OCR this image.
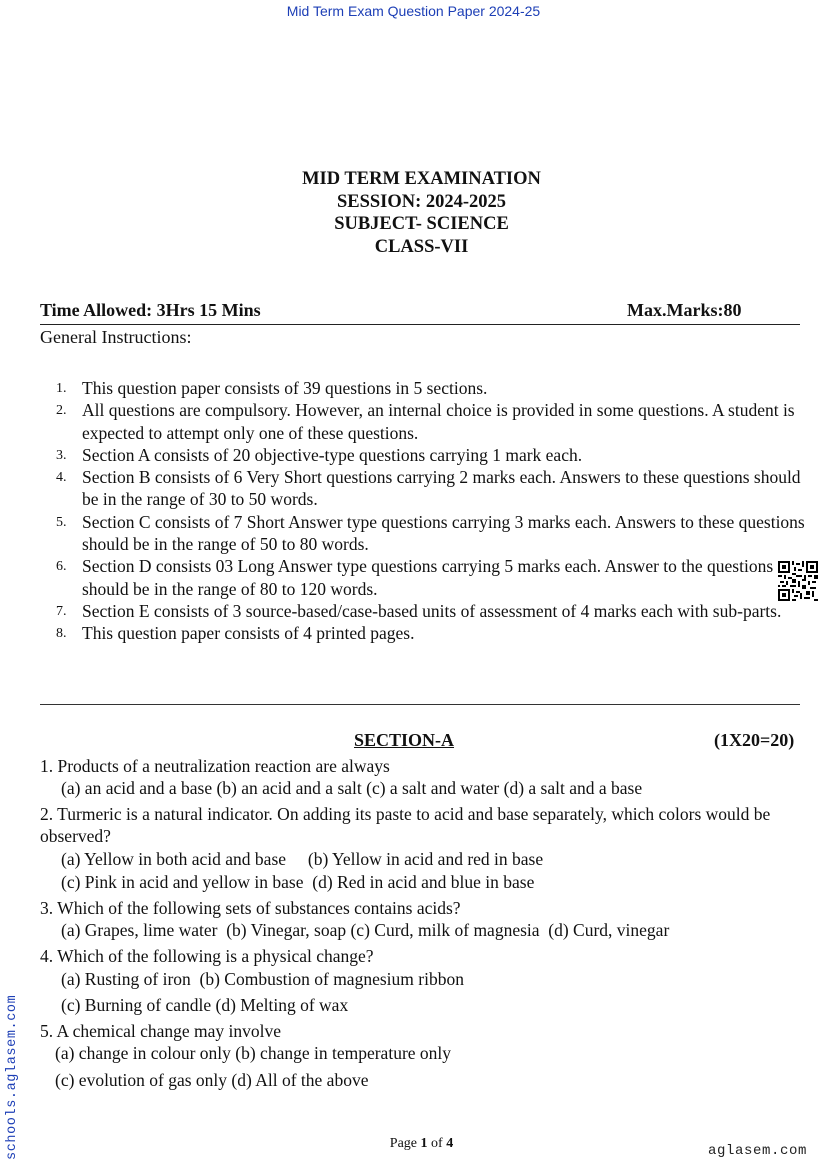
Mid Term Exam Question Paper 2024-25
MID TERM EXAMINATION
SESSION: 2024-2025
SUBJECT- SCIENCE
CLASS-VII
Time Allowed: 3Hrs 15 Mins	Max.Marks:80
General Instructions:
1. This question paper consists of 39 questions in 5 sections.
2. All questions are compulsory. However, an internal choice is provided in some questions. A student is expected to attempt only one of these questions.
3. Section A consists of 20 objective-type questions carrying 1 mark each.
4. Section B consists of 6 Very Short questions carrying 2 marks each. Answers to these questions should be in the range of 30 to 50 words.
5. Section C consists of 7 Short Answer type questions carrying 3 marks each. Answers to these questions should be in the range of 50 to 80 words.
6. Section D consists 03 Long Answer type questions carrying 5 marks each. Answer to the questions should be in the range of 80 to 120 words.
7. Section E consists of 3 source-based/case-based units of assessment of 4 marks each with sub-parts.
8. This question paper consists of 4 printed pages.
SECTION-A	(1X20=20)
1. Products of a neutralization reaction are always
(a) an acid and a base (b) an acid and a salt (c) a salt and water (d) a salt and a base
2. Turmeric is a natural indicator. On adding its paste to acid and base separately, which colors would be observed?
(a) Yellow in both acid and base     (b) Yellow in acid and red in base
(c) Pink in acid and yellow in base  (d) Red in acid and blue in base
3. Which of the following sets of substances contains acids?
(a) Grapes, lime water  (b) Vinegar, soap (c) Curd, milk of magnesia  (d) Curd, vinegar
4. Which of the following is a physical change?
(a) Rusting of iron  (b) Combustion of magnesium ribbon
(c) Burning of candle (d) Melting of wax
5. A chemical change may involve
(a) change in colour only (b) change in temperature only
(c) evolution of gas only (d) All of the above
schools.aglasem.com	Page 1 of 4	aglasem.com
